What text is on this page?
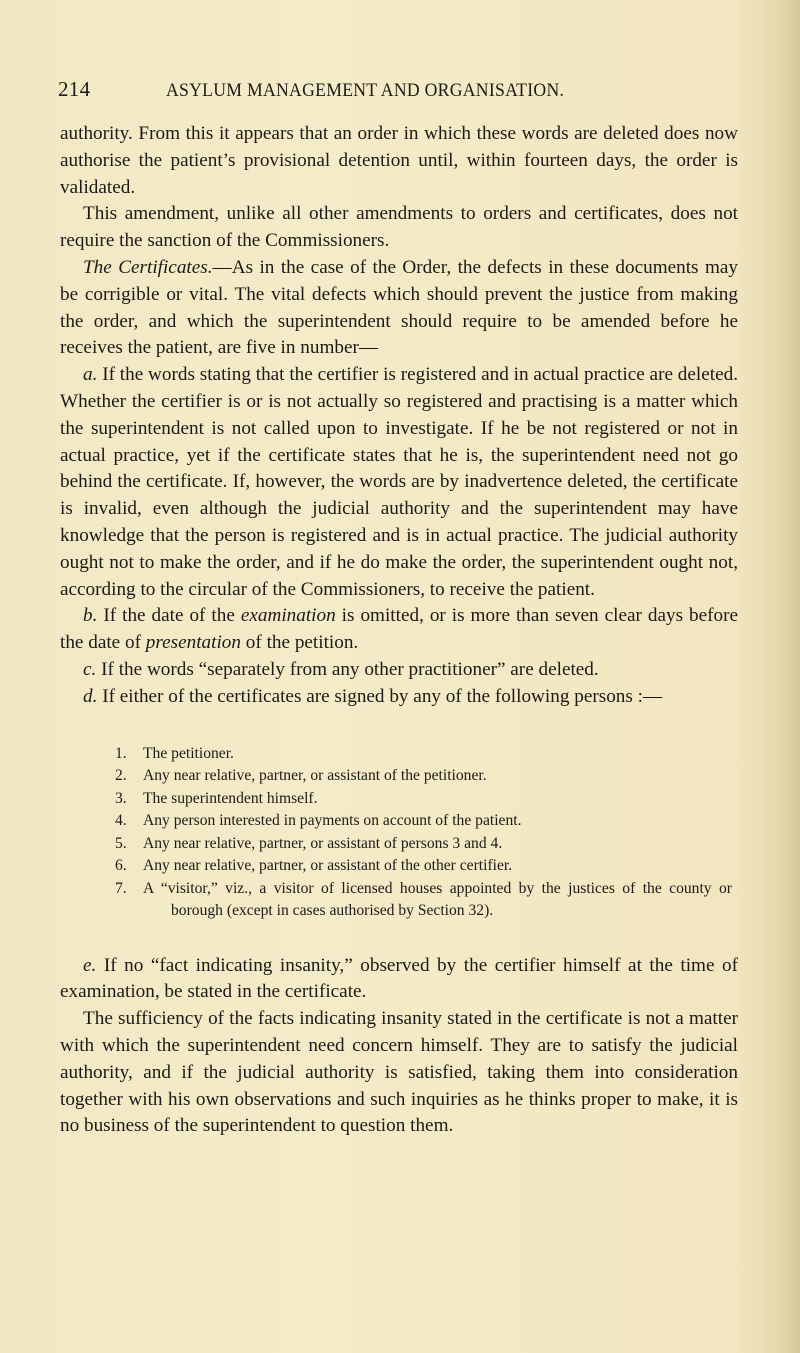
214	ASYLUM MANAGEMENT AND ORGANISATION.

authority. From this it appears that an order in which these words are deleted does now authorise the patient’s provisional detention until, within fourteen days, the order is validated.

This amendment, unlike all other amendments to orders and certificates, does not require the sanction of the Commissioners.

The Certificates.—As in the case of the Order, the defects in these documents may be corrigible or vital. The vital defects which should prevent the justice from making the order, and which the superintendent should require to be amended before he receives the patient, are five in number—

a. If the words stating that the certifier is registered and in actual practice are deleted. Whether the certifier is or is not actually so registered and practising is a matter which the superintendent is not called upon to investigate. If he be not registered or not in actual practice, yet if the certificate states that he is, the superintendent need not go behind the certificate. If, however, the words are by inadvertence deleted, the certificate is invalid, even although the judicial authority and the superintendent may have knowledge that the person is registered and is in actual practice. The judicial authority ought not to make the order, and if he do make the order, the superintendent ought not, according to the circular of the Commissioners, to receive the patient.

b. If the date of the examination is omitted, or is more than seven clear days before the date of presentation of the petition.

c. If the words “separately from any other practitioner” are deleted.

d. If either of the certificates are signed by any of the following persons :—

1.	The petitioner.
2.	Any near relative, partner, or assistant of the petitioner.
3.	The superintendent himself.
4.	Any person interested in payments on account of the patient.
5.	Any near relative, partner, or assistant of persons 3 and 4.
6.	Any near relative, partner, or assistant of the other certifier.
7.	A “visitor,” viz., a visitor of licensed houses appointed by the justices of the county or borough (except in cases authorised by Section 32).

e. If no “fact indicating insanity,” observed by the certifier himself at the time of examination, be stated in the certificate.

The sufficiency of the facts indicating insanity stated in the certificate is not a matter with which the superintendent need concern himself. They are to satisfy the judicial authority, and if the judicial authority is satisfied, taking them into consideration together with his own observations and such inquiries as he thinks proper to make, it is no business of the superintendent to question them.
